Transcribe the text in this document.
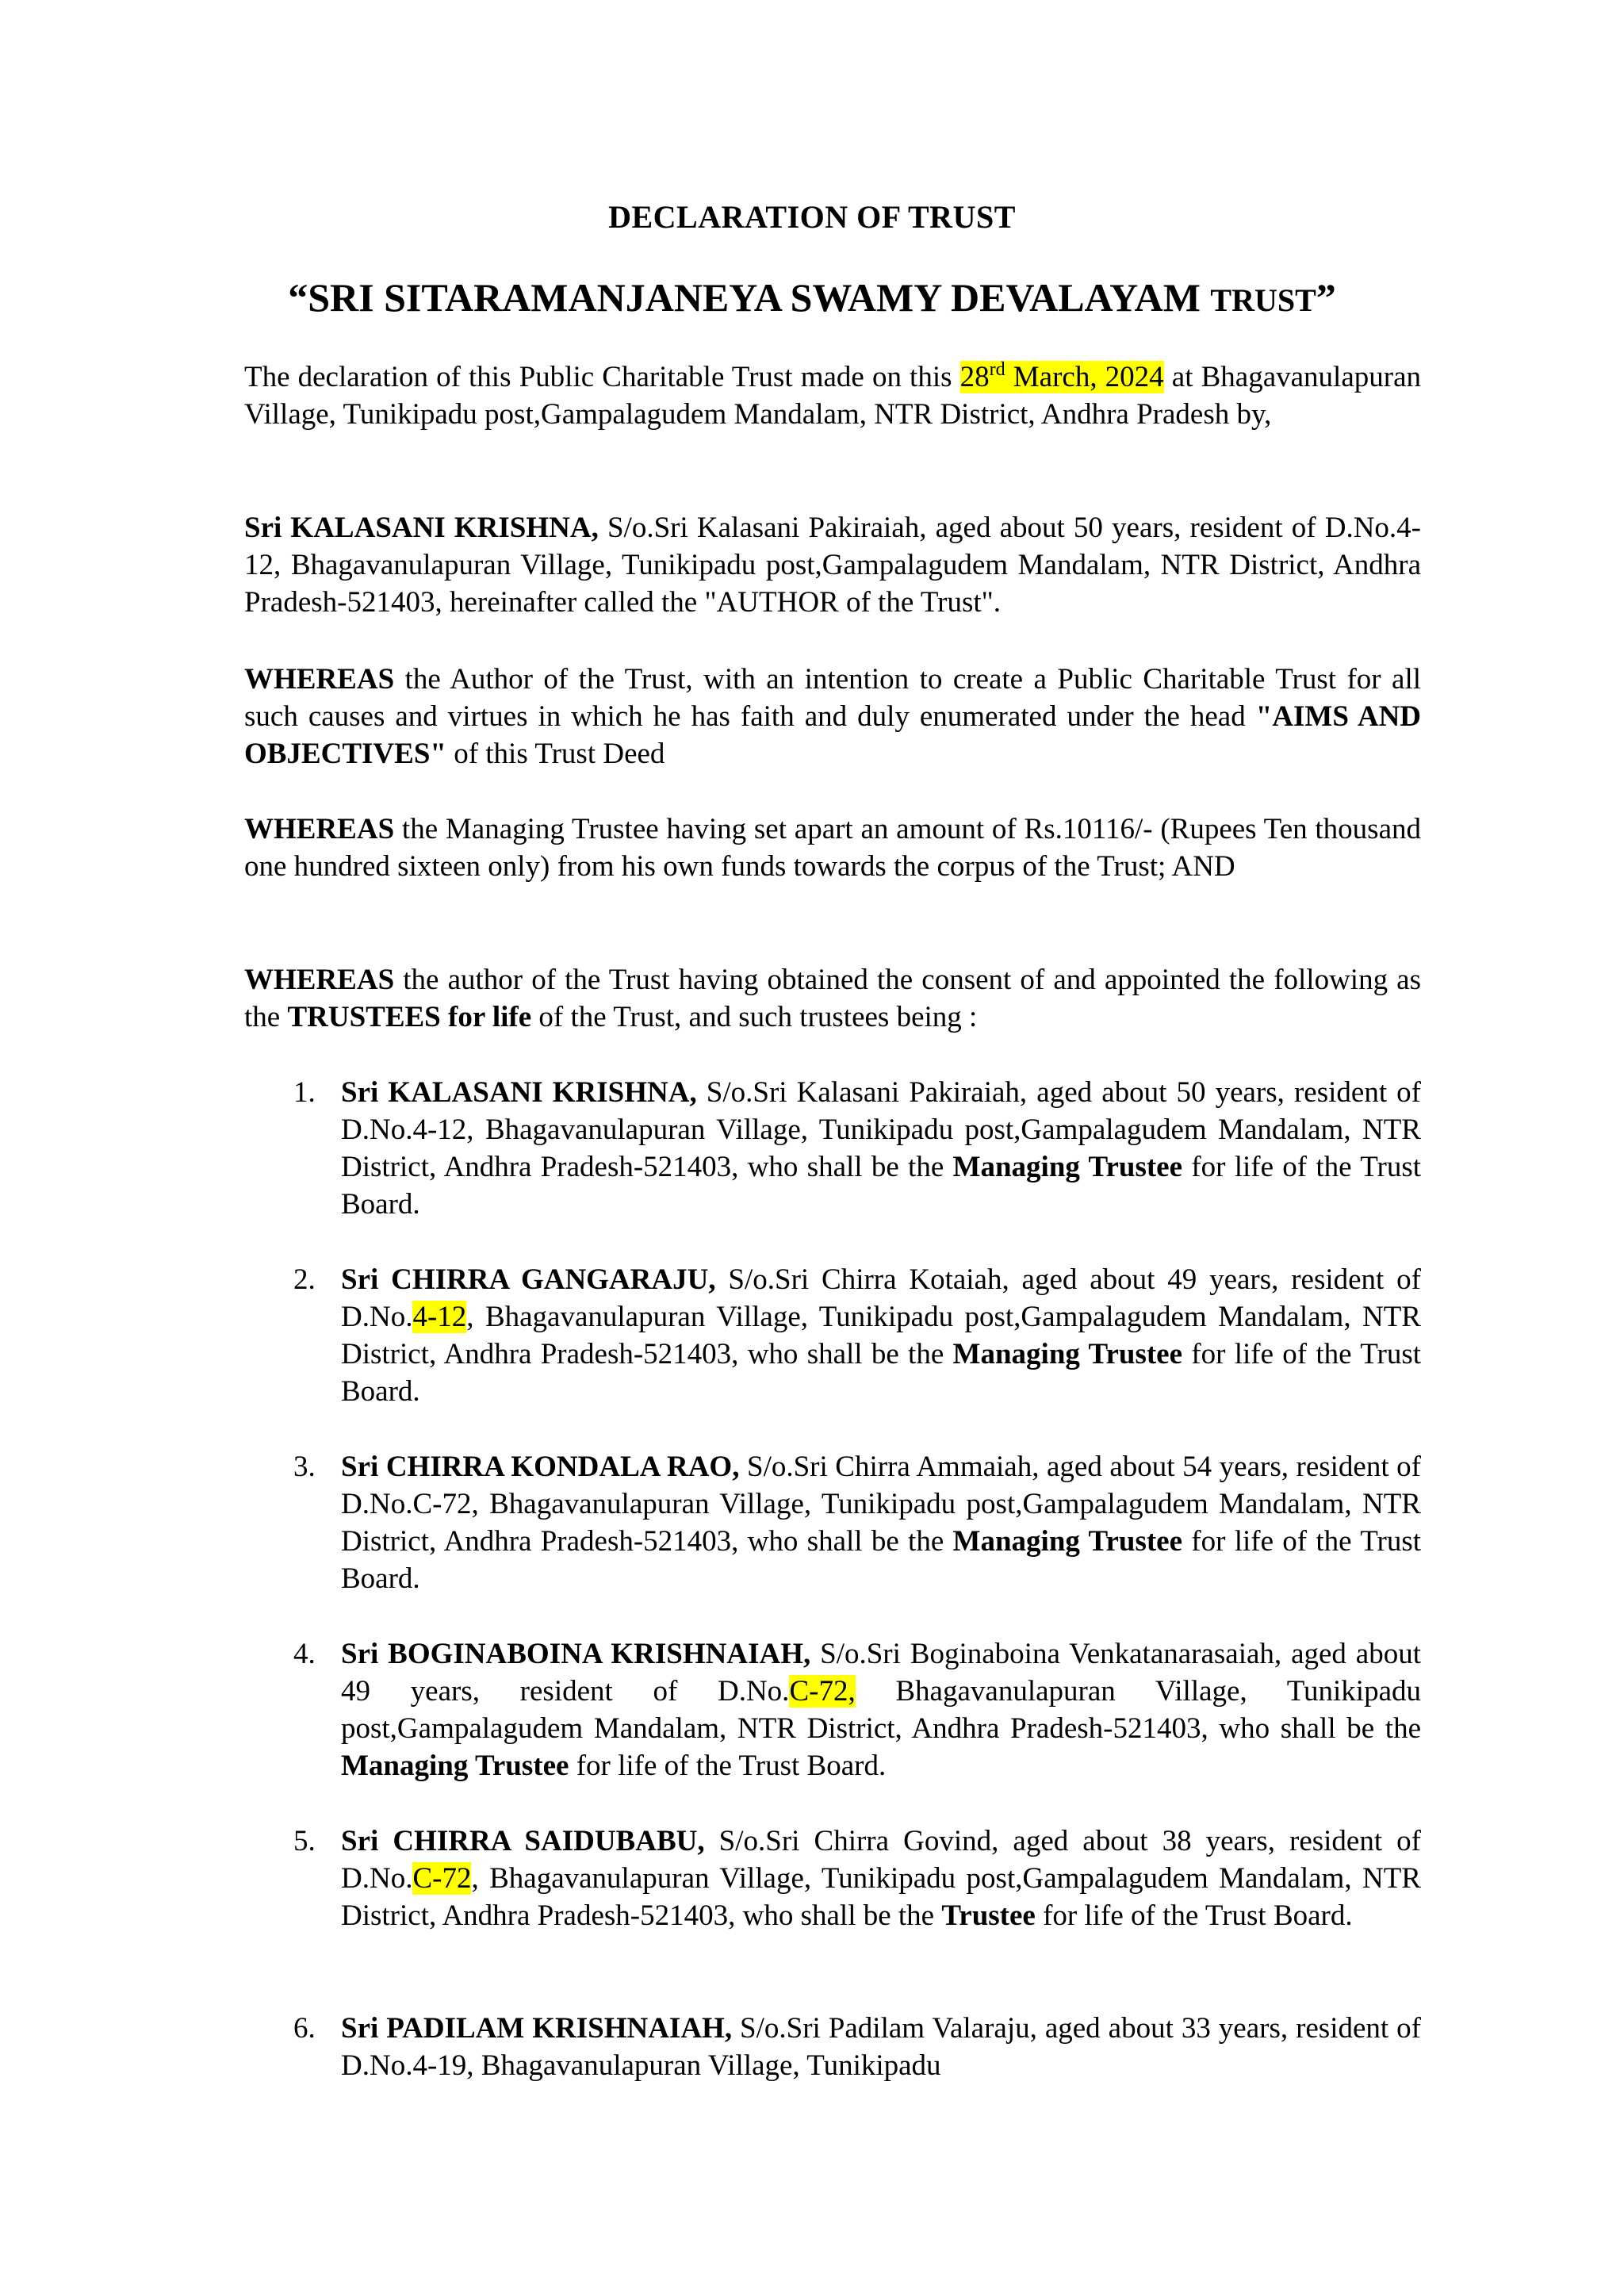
DECLARATION OF TRUST
“SRI SITARAMANJANEYA SWAMY DEVALAYAM TRUST”
The declaration of this Public Charitable Trust made on this 28rd March, 2024 at Bhagavanulapuran Village, Tunikipadu post,Gampalagudem Mandalam, NTR District, Andhra Pradesh by,
Sri KALASANI KRISHNA, S/o.Sri Kalasani Pakiraiah, aged about 50 years, resident of D.No.4-12, Bhagavanulapuran Village, Tunikipadu post,Gampalagudem Mandalam, NTR District, Andhra Pradesh-521403, hereinafter called the "AUTHOR of the Trust".
WHEREAS the Author of the Trust, with an intention to create a Public Charitable Trust for all such causes and virtues in which he has faith and duly enumerated under the head "AIMS AND OBJECTIVES" of this Trust Deed
WHEREAS the Managing Trustee having set apart an amount of Rs.10116/- (Rupees Ten thousand one hundred sixteen only) from his own funds towards the corpus of the Trust; AND
WHEREAS the author of the Trust having obtained the consent of and appointed the following as the TRUSTEES for life of the Trust, and such trustees being :
1. Sri KALASANI KRISHNA, S/o.Sri Kalasani Pakiraiah, aged about 50 years, resident of D.No.4-12, Bhagavanulapuran Village, Tunikipadu post,Gampalagudem Mandalam, NTR District, Andhra Pradesh-521403, who shall be the Managing Trustee for life of the Trust Board.
2. Sri CHIRRA GANGARAJU, S/o.Sri Chirra Kotaiah, aged about 49 years, resident of D.No.4-12, Bhagavanulapuran Village, Tunikipadu post,Gampalagudem Mandalam, NTR District, Andhra Pradesh-521403, who shall be the Managing Trustee for life of the Trust Board.
3. Sri CHIRRA KONDALA RAO, S/o.Sri Chirra Ammaiah, aged about 54 years, resident of D.No.C-72, Bhagavanulapuran Village, Tunikipadu post,Gampalagudem Mandalam, NTR District, Andhra Pradesh-521403, who shall be the Managing Trustee for life of the Trust Board.
4. Sri BOGINABOINA KRISHNAIAH, S/o.Sri Boginaboina Venkatanarasaiah, aged about 49 years, resident of D.No.C-72, Bhagavanulapuran Village, Tunikipadu post,Gampalagudem Mandalam, NTR District, Andhra Pradesh-521403, who shall be the Managing Trustee for life of the Trust Board.
5. Sri CHIRRA SAIDUBABU, S/o.Sri Chirra Govind, aged about 38 years, resident of D.No.C-72, Bhagavanulapuran Village, Tunikipadu post,Gampalagudem Mandalam, NTR District, Andhra Pradesh-521403, who shall be the Trustee for life of the Trust Board.
6. Sri PADILAM KRISHNAIAH, S/o.Sri Padilam Valaraju, aged about 33 years, resident of D.No.4-19, Bhagavanulapuran Village, Tunikipadu
